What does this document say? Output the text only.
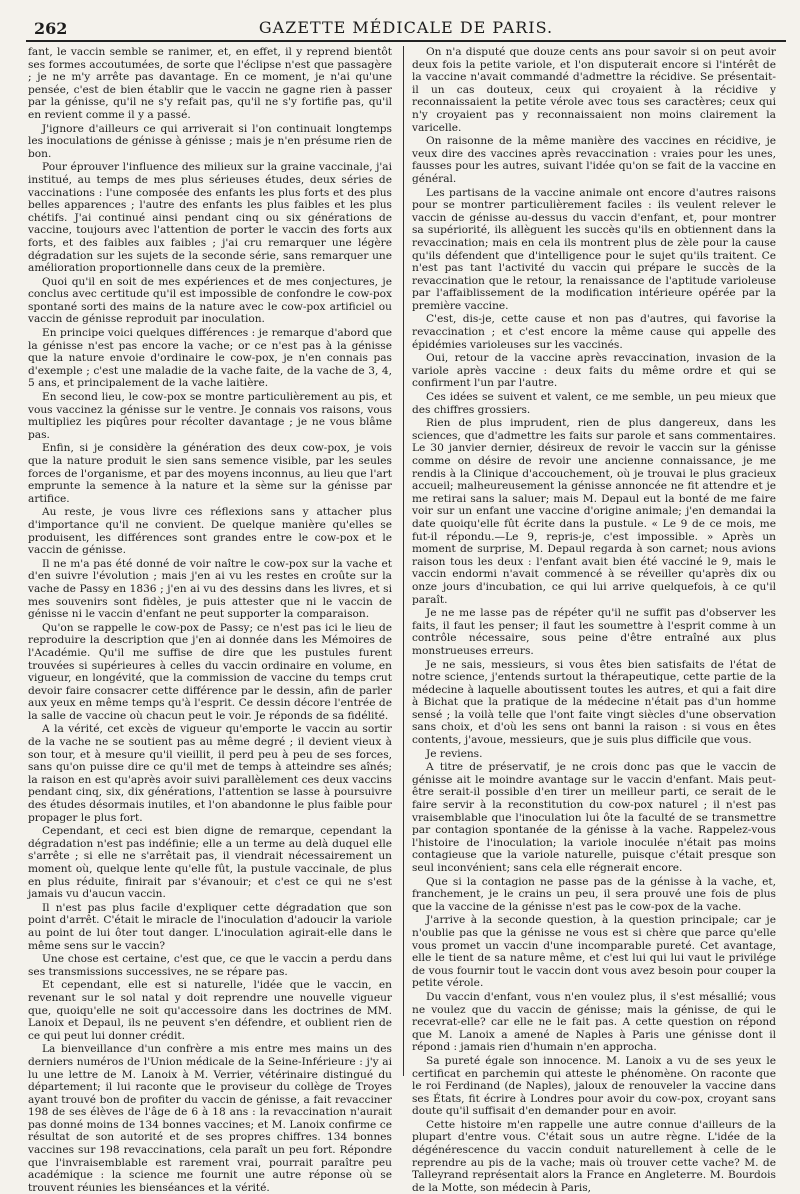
262	GAZETTE MÉDICALE DE PARIS.

fant, le vaccin semble se ranimer, et, en effet, il y reprend bientôt ses formes accoutumées, de sorte que l'éclipse n'est que passagère ; je ne m'y arrête pas davantage. En ce moment, je n'ai qu'une pensée, c'est de bien établir que le vaccin ne gagne rien à passer par la génisse, qu'il ne s'y refait pas, qu'il ne s'y fortifie pas, qu'il en revient comme il y a passé.

J'ignore d'ailleurs ce qui arriverait si l'on continuait longtemps les inoculations de génisse à génisse ; mais je n'en présume rien de bon.

Pour éprouver l'influence des milieux sur la graine vaccinale, j'ai institué, au temps de mes plus sérieuses études, deux séries de vaccinations : l'une composée des enfants les plus forts et des plus belles apparences ; l'autre des enfants les plus faibles et les plus chétifs. J'ai continué ainsi pendant cinq ou six générations de vaccine, toujours avec l'attention de porter le vaccin des forts aux forts, et des faibles aux faibles ; j'ai cru remarquer une légère dégradation sur les sujets de la seconde série, sans remarquer une amélioration proportionnelle dans ceux de la première.

Quoi qu'il en soit de mes expériences et de mes conjectures, je conclus avec certitude qu'il est impossible de confondre le cow-pox spontané sorti des mains de la nature avec le cow-pox artificiel ou vaccin de génisse reproduit par inoculation.

En principe voici quelques différences : je remarque d'abord que la génisse n'est pas encore la vache; or ce n'est pas à la génisse que la nature envoie d'ordinaire le cow-pox, je n'en connais pas d'exemple ; c'est une maladie de la vache faite, de la vache de 3, 4, 5 ans, et principalement de la vache laitière.

En second lieu, le cow-pox se montre particulièrement au pis, et vous vaccinez la génisse sur le ventre. Je connais vos raisons, vous multipliez les piqûres pour récolter davantage ; je ne vous blâme pas.

Enfin, si je considère la génération des deux cow-pox, je vois que la nature produit le sien sans semence visible, par les seules forces de l'organisme, et par des moyens inconnus, au lieu que l'art emprunte la semence à la nature et la sème sur la génisse par artifice.

Au reste, je vous livre ces réflexions sans y attacher plus d'importance qu'il ne convient. De quelque manière qu'elles se produisent, les différences sont grandes entre le cow-pox et le vaccin de génisse.

Il ne m'a pas été donné de voir naître le cow-pox sur la vache et d'en suivre l'évolution ; mais j'en ai vu les restes en croûte sur la vache de Passy en 1836 ; j'en ai vu des dessins dans les livres, et si mes souvenirs sont fidèles, je puis attester que ni le vaccin de génisse ni le vaccin d'enfant ne peut supporter la comparaison.

Qu'on se rappelle le cow-pox de Passy; ce n'est pas ici le lieu de reproduire la description que j'en ai donnée dans les Mémoires de l'Académie. Qu'il me suffise de dire que les pustules furent trouvées si supérieures à celles du vaccin ordinaire en volume, en vigueur, en longévité, que la commission de vaccine du temps crut devoir faire consacrer cette différence par le dessin, afin de parler aux yeux en même temps qu'à l'esprit. Ce dessin décore l'entrée de la salle de vaccine où chacun peut le voir. Je réponds de sa fidélité.

A la vérité, cet excès de vigueur qu'emporte le vaccin au sortir de la vache ne se soutient pas au même degré ; il devient vieux à son tour, et à mesure qu'il vieillit, il perd peu à peu de ses forces, sans qu'on puisse dire ce qu'il met de temps à atteindre ses aînés; la raison en est qu'après avoir suivi parallèlement ces deux vaccins pendant cinq, six, dix générations, l'attention se lasse à poursuivre des études désormais inutiles, et l'on abandonne le plus faible pour propager le plus fort.

Cependant, et ceci est bien digne de remarque, cependant la dégradation n'est pas indéfinie; elle a un terme au delà duquel elle s'arrête ; si elle ne s'arrêtait pas, il viendrait nécessairement un moment où, quelque lente qu'elle fût, la pustule vaccinale, de plus en plus réduite, finirait par s'évanouir; et c'est ce qui ne s'est jamais vu d'aucun vaccin.

Il n'est pas plus facile d'expliquer cette dégradation que son point d'arrêt. C'était le miracle de l'inoculation d'adoucir la variole au point de lui ôter tout danger. L'inoculation agirait-elle dans le même sens sur le vaccin?

Une chose est certaine, c'est que, ce que le vaccin a perdu dans ses transmissions successives, ne se répare pas.

Et cependant, elle est si naturelle, l'idée que le vaccin, en revenant sur le sol natal y doit reprendre une nouvelle vigueur que, quoiqu'elle ne soit qu'accessoire dans les doctrines de MM. Lanoix et Depaul, ils ne peuvent s'en défendre, et oublient rien de ce qui peut lui donner crédit.

La bienveillance d'un confrère a mis entre mes mains un des derniers numéros de l'Union médicale de la Seine-Inférieure : j'y ai lu une lettre de M. Lanoix à M. Verrier, vétérinaire distingué du département; il lui raconte que le proviseur du collège de Troyes ayant trouvé bon de profiter du vaccin de génisse, a fait revacciner 198 de ses élèves de l'âge de 6 à 18 ans : la revaccination n'aurait pas donné moins de 134 bonnes vaccines; et M. Lanoix confirme ce résultat de son autorité et de ses propres chiffres. 134 bonnes vaccines sur 198 revaccinations, cela paraît un peu fort. Répondre que l'invraisemblable est rarement vrai, pourrait paraître peu académique : la science me fournit une autre réponse où se trouvent réunies les bienséances et la vérité.

On n'a disputé que douze cents ans pour savoir si on peut avoir deux fois la petite variole, et l'on disputerait encore si l'intérêt de la vaccine n'avait commandé d'admettre la récidive. Se présentait-il un cas douteux, ceux qui croyaient à la récidive y reconnaissaient la petite vérole avec tous ses caractères; ceux qui n'y croyaient pas y reconnaissaient non moins clairement la varicelle.

On raisonne de la même manière des vaccines en récidive, je veux dire des vaccines après revaccination : vraies pour les unes, fausses pour les autres, suivant l'idée qu'on se fait de la vaccine en général.

Les partisans de la vaccine animale ont encore d'autres raisons pour se montrer particulièrement faciles : ils veulent relever le vaccin de génisse au-dessus du vaccin d'enfant, et, pour montrer sa supériorité, ils allèguent les succès qu'ils en obtiennent dans la revaccination; mais en cela ils montrent plus de zèle pour la cause qu'ils défendent que d'intelligence pour le sujet qu'ils traitent. Ce n'est pas tant l'activité du vaccin qui prépare le succès de la revaccination que le retour, la renaissance de l'aptitude varioleuse par l'affaiblissement de la modification intérieure opérée par la première vaccine.

C'est, dis-je, cette cause et non pas d'autres, qui favorise la revaccination ; et c'est encore la même cause qui appelle des épidémies varioleuses sur les vaccinés.

Oui, retour de la vaccine après revaccination, invasion de la variole après vaccine : deux faits du même ordre et qui se confirment l'un par l'autre.

Ces idées se suivent et valent, ce me semble, un peu mieux que des chiffres grossiers.

Rien de plus imprudent, rien de plus dangereux, dans les sciences, que d'admettre les faits sur parole et sans commentaires. Le 30 janvier dernier, désireux de revoir le vaccin sur la génisse comme on désire de revoir une ancienne connaissance, je me rendis à la Clinique d'accouchement, où je trouvai le plus gracieux accueil; malheureusement la génisse annoncée ne fit attendre et je me retirai sans la saluer; mais M. Depaul eut la bonté de me faire voir sur un enfant une vaccine d'origine animale; j'en demandai la date quoiqu'elle fût écrite dans la pustule. « Le 9 de ce mois, me fut-il répondu.—Le 9, repris-je, c'est impossible. » Après un moment de surprise, M. Depaul regarda à son carnet; nous avions raison tous les deux : l'enfant avait bien été vacciné le 9, mais le vaccin endormi n'avait commencé à se réveiller qu'après dix ou onze jours d'incubation, ce qui lui arrive quelquefois, à ce qu'il paraît.

Je ne me lasse pas de répéter qu'il ne suffit pas d'observer les faits, il faut les penser; il faut les soumettre à l'esprit comme à un contrôle nécessaire, sous peine d'être entraîné aux plus monstrueuses erreurs.

Je ne sais, messieurs, si vous êtes bien satisfaits de l'état de notre science, j'entends surtout la thérapeutique, cette partie de la médecine à laquelle aboutissent toutes les autres, et qui a fait dire à Bichat que la pratique de la médecine n'était pas d'un homme sensé ; la voilà telle que l'ont faite vingt siècles d'une observation sans choix, et d'où les sens ont banni la raison : si vous en êtes contents, j'avoue, messieurs, que je suis plus difficile que vous.

Je reviens.

A titre de préservatif, je ne crois donc pas que le vaccin de génisse ait le moindre avantage sur le vaccin d'enfant. Mais peut-être serait-il possible d'en tirer un meilleur parti, ce serait de le faire servir à la reconstitution du cow-pox naturel ; il n'est pas vraisemblable que l'inoculation lui ôte la faculté de se transmettre par contagion spontanée de la génisse à la vache. Rappelez-vous l'histoire de l'inoculation; la variole inoculée n'était pas moins contagieuse que la variole naturelle, puisque c'était presque son seul inconvénient; sans cela elle régnerait encore.

Que si la contagion ne passe pas de la génisse à la vache, et, franchement, je le crains un peu, il sera prouvé une fois de plus que la vaccine de la génisse n'est pas le cow-pox de la vache.

J'arrive à la seconde question, à la question principale; car je n'oublie pas que la génisse ne vous est si chère que parce qu'elle vous promet un vaccin d'une incomparable pureté. Cet avantage, elle le tient de sa nature même, et c'est lui qui lui vaut le privilége de vous fournir tout le vaccin dont vous avez besoin pour couper la petite vérole.

Du vaccin d'enfant, vous n'en voulez plus, il s'est mésallié; vous ne voulez que du vaccin de génisse; mais la génisse, de qui le recevrat-elle? car elle ne le fait pas. A cette question on répond que M. Lanoix a amené de Naples à Paris une génisse dont il répond : jamais rien d'humain n'en approcha.

Sa pureté égale son innocence. M. Lanoix a vu de ses yeux le certificat en parchemin qui atteste le phénomène. On raconte que le roi Ferdinand (de Naples), jaloux de renouveler la vaccine dans ses États, fit écrire à Londres pour avoir du cow-pox, croyant sans doute qu'il suffisait d'en demander pour en avoir.

Cette histoire m'en rappelle une autre connue d'ailleurs de la plupart d'entre vous. C'était sous un autre règne. L'idée de la dégénérescence du vaccin conduit naturellement à celle de le reprendre au pis de la vache; mais où trouver cette vache? M. de Talleyrand représentait alors la France en Angleterre. M. Bourdois de la Motte, son médecin à Paris,
